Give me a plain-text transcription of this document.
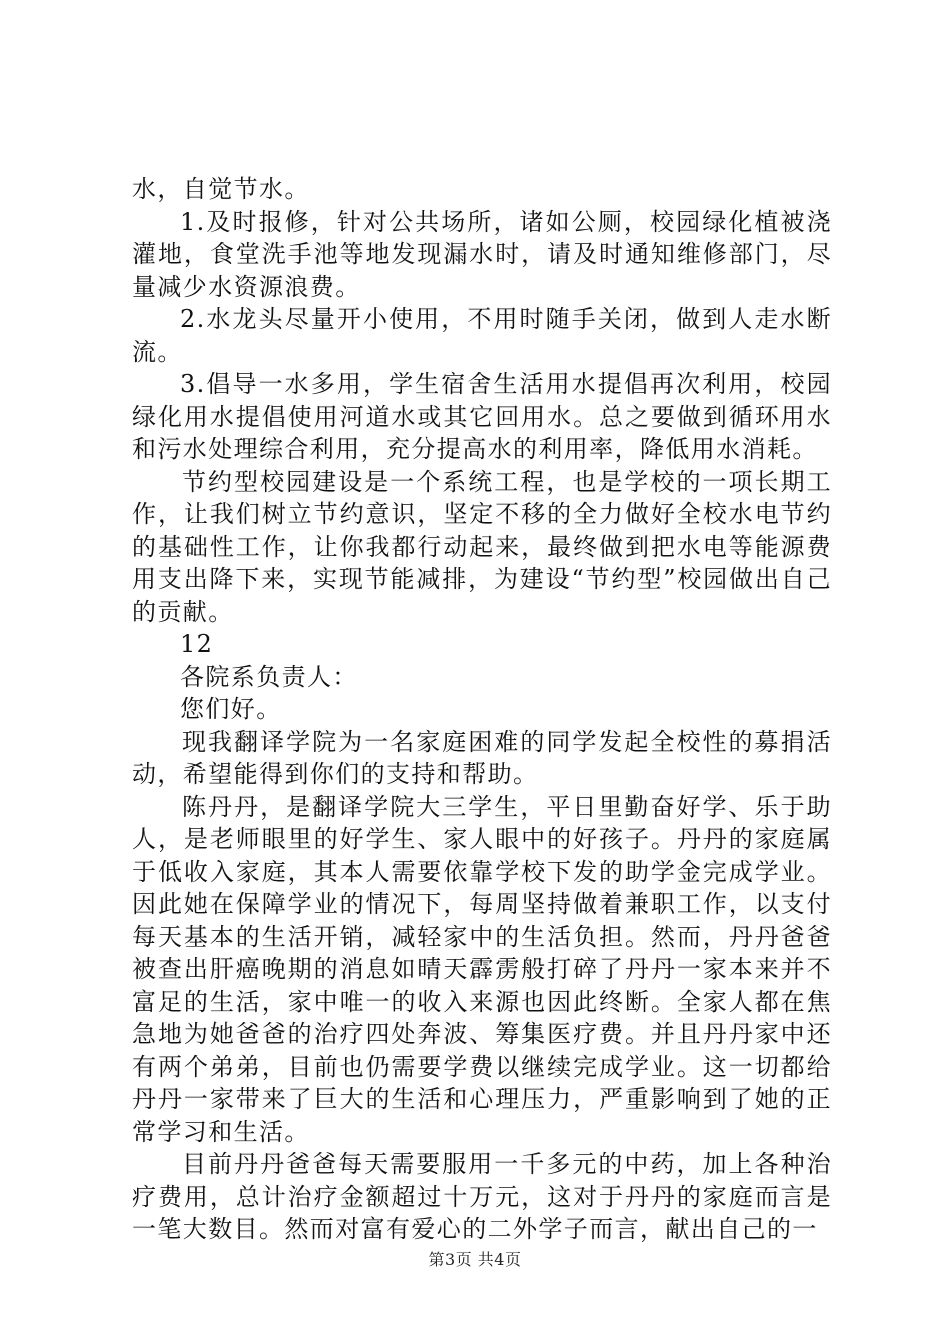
水，自觉节水。

1.及时报修，针对公共场所，诸如公厕，校园绿化植被浇灌地，食堂洗手池等地发现漏水时，请及时通知维修部门，尽量减少水资源浪费。

2.水龙头尽量开小使用，不用时随手关闭，做到人走水断流。

3.倡导一水多用，学生宿舍生活用水提倡再次利用，校园绿化用水提倡使用河道水或其它回用水。总之要做到循环用水和污水处理综合利用，充分提高水的利用率，降低用水消耗。

节约型校园建设是一个系统工程，也是学校的一项长期工作，让我们树立节约意识，坚定不移的全力做好全校水电节约的基础性工作，让你我都行动起来，最终做到把水电等能源费用支出降下来，实现节能减排，为建设“节约型”校园做出自己的贡献。

12

各院系负责人：

您们好。

现我翻译学院为一名家庭困难的同学发起全校性的募捐活动，希望能得到你们的支持和帮助。

陈丹丹，是翻译学院大三学生，平日里勤奋好学、乐于助人，是老师眼里的好学生、家人眼中的好孩子。丹丹的家庭属于低收入家庭，其本人需要依靠学校下发的助学金完成学业。因此她在保障学业的情况下，每周坚持做着兼职工作，以支付每天基本的生活开销，减轻家中的生活负担。然而，丹丹爸爸被查出肝癌晚期的消息如晴天霹雳般打碎了丹丹一家本来并不富足的生活，家中唯一的收入来源也因此终断。全家人都在焦急地为她爸爸的治疗四处奔波、筹集医疗费。并且丹丹家中还有两个弟弟，目前也仍需要学费以继续完成学业。这一切都给丹丹一家带来了巨大的生活和心理压力，严重影响到了她的正常学习和生活。

目前丹丹爸爸每天需要服用一千多元的中药，加上各种治疗费用，总计治疗金额超过十万元，这对于丹丹的家庭而言是一笔大数目。然而对富有爱心的二外学子而言，献出自己的一

第3页 共4页
